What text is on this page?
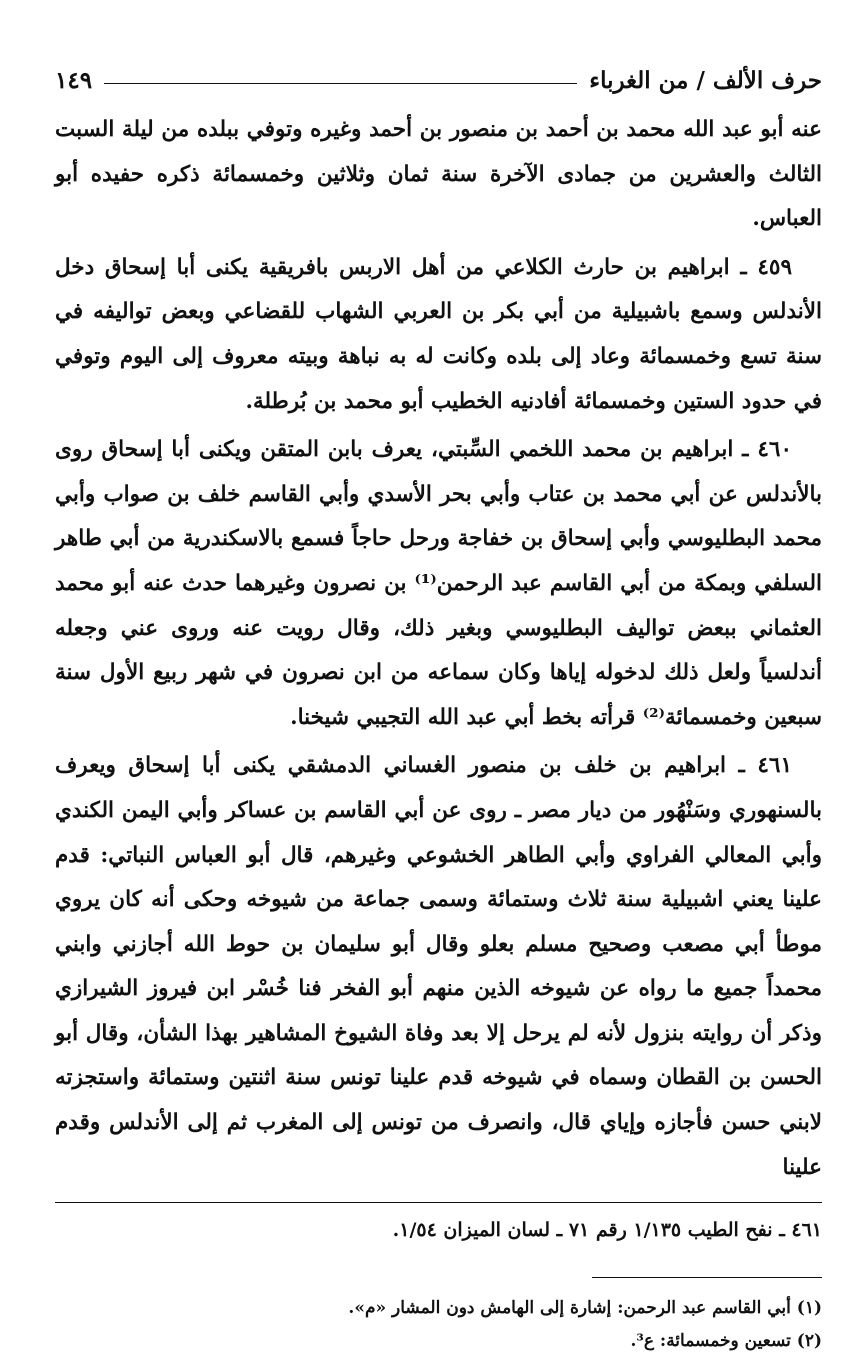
حرف الألف / من الغرباء
١٤٩

عنه أبو عبد الله محمد بن أحمد بن منصور بن أحمد وغيره وتوفي ببلده من ليلة السبت الثالث والعشرين من جمادى الآخرة سنة ثمان وثلاثين وخمسمائة ذكره حفيده أبو العباس.

٤٥٩ ـ ابراهيم بن حارث الكلاعي من أهل الاربس بافريقية يكنى أبا إسحاق دخل الأندلس وسمع باشبيلية من أبي بكر بن العربي الشهاب للقضاعي وبعض تواليفه في سنة تسع وخمسمائة وعاد إلى بلده وكانت له به نباهة وبيته معروف إلى اليوم وتوفي في حدود الستين وخمسمائة أفادنيه الخطيب أبو محمد بن بُرطلة.

٤٦٠ ـ ابراهيم بن محمد اللخمي السِّبتي، يعرف بابن المتقن ويكنى أبا إسحاق روى بالأندلس عن أبي محمد بن عتاب وأبي بحر الأسدي وأبي القاسم خلف بن صواب وأبي محمد البطليوسي وأبي إسحاق بن خفاجة ورحل حاجاً فسمع بالاسكندرية من أبي طاهر السلفي وبمكة من أبي القاسم عبد الرحمن⁽¹⁾ بن نصرون وغيرهما حدث عنه أبو محمد العثماني ببعض تواليف البطليوسي وبغير ذلك، وقال رويت عنه وروى عني وجعله أندلسياً ولعل ذلك لدخوله إياها وكان سماعه من ابن نصرون في شهر ربيع الأول سنة سبعين وخمسمائة⁽²⁾ قرأته بخط أبي عبد الله التجيبي شيخنا.

٤٦١ ـ ابراهيم بن خلف بن منصور الغساني الدمشقي يكنى أبا إسحاق ويعرف بالسنهوري وسَنْهُور من ديار مصر ـ روى عن أبي القاسم بن عساكر وأبي اليمن الكندي وأبي المعالي الفراوي وأبي الطاهر الخشوعي وغيرهم، قال أبو العباس النباتي: قدم علينا يعني اشبيلية سنة ثلاث وستمائة وسمى جماعة من شيوخه وحكى أنه كان يروي موطأ أبي مصعب وصحيح مسلم بعلو وقال أبو سليمان بن حوط الله أجازني وابني محمداً جميع ما رواه عن شيوخه الذين منهم أبو الفخر فنا خُسْر ابن فيروز الشيرازي وذكر أن روايته بنزول لأنه لم يرحل إلا بعد وفاة الشيوخ المشاهير بهذا الشأن، وقال أبو الحسن بن القطان وسماه في شيوخه قدم علينا تونس سنة اثنتين وستمائة واستجزته لابني حسن فأجازه وإياي قال، وانصرف من تونس إلى المغرب ثم إلى الأندلس وقدم علينا

٤٦١ ـ نفح الطيب ١/١٣٥ رقم ٧١ ـ لسان الميزان ١/٥٤.
(١) أبي القاسم عبد الرحمن: إشارة إلى الهامش دون المشار «م».
(٢) تسعين وخمسمائة: ع³.
